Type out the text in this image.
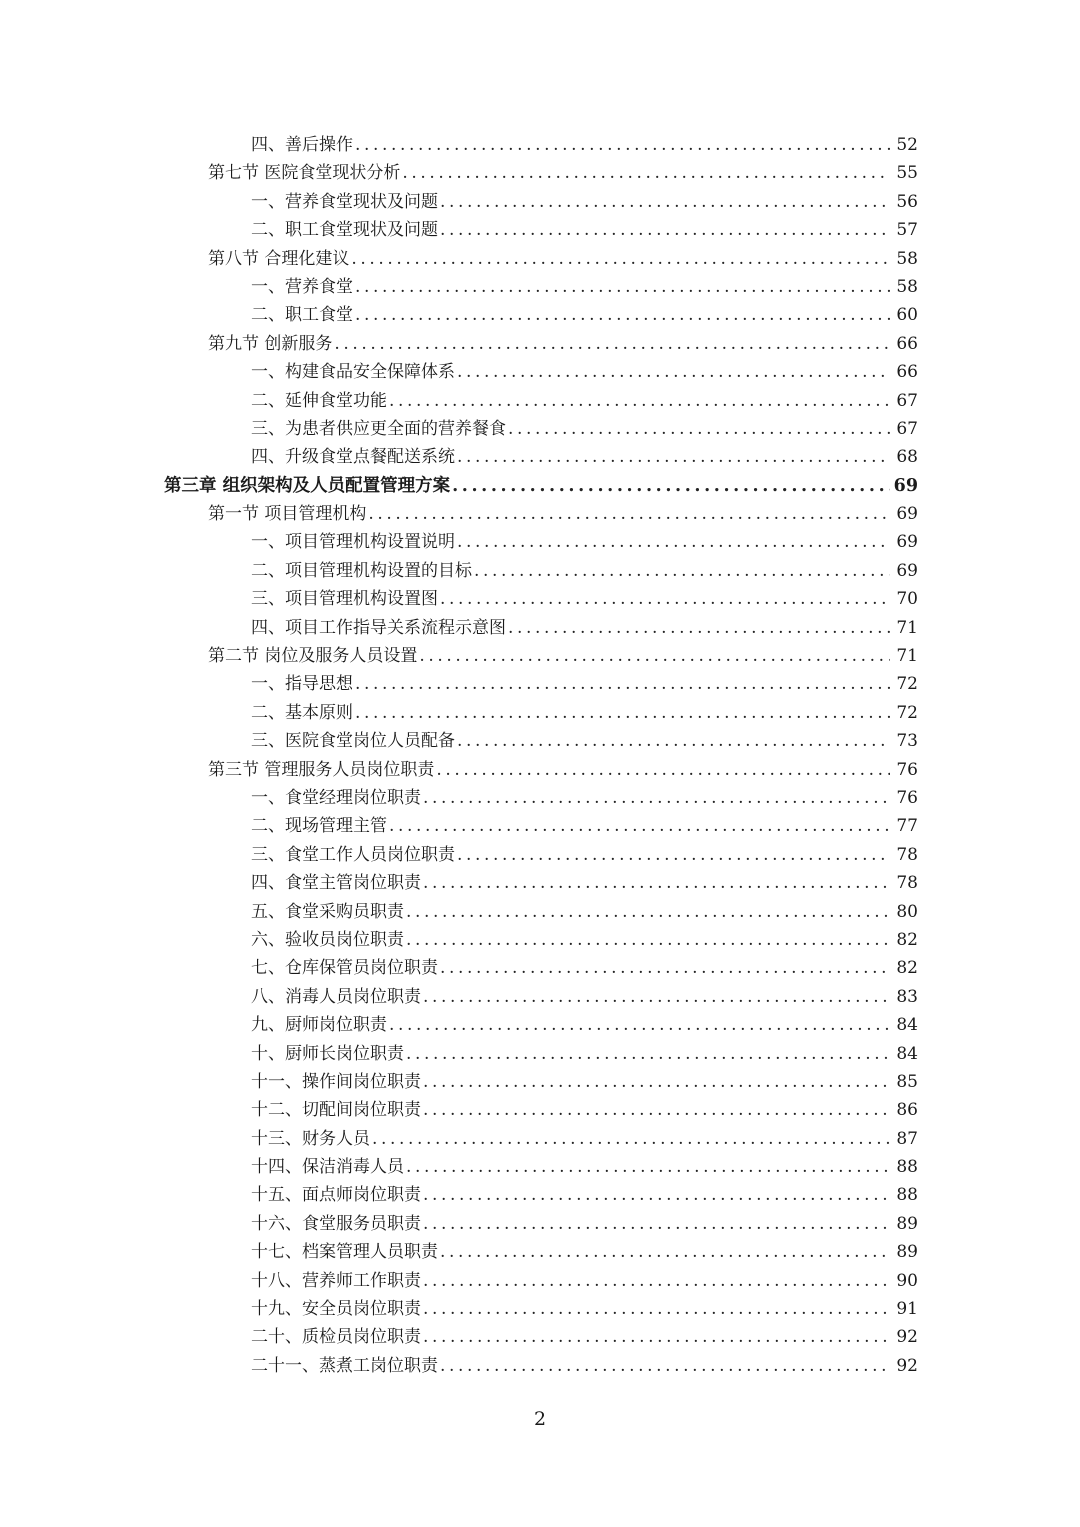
四、善后操作 .....	52
第七节 医院食堂现状分析 .....	55
一、营养食堂现状及问题 .....	56
二、职工食堂现状及问题 .....	57
第八节 合理化建议 .....	58
一、营养食堂 .....	58
二、职工食堂 .....	60
第九节 创新服务 .....	66
一、构建食品安全保障体系 .....	66
二、延伸食堂功能 .....	67
三、为患者供应更全面的营养餐食 .....	67
四、升级食堂点餐配送系统 .....	68
第三章 组织架构及人员配置管理方案 .....	69
第一节 项目管理机构 .....	69
一、项目管理机构设置说明 .....	69
二、项目管理机构设置的目标 .....	69
三、项目管理机构设置图 .....	70
四、项目工作指导关系流程示意图 .....	71
第二节 岗位及服务人员设置 .....	71
一、指导思想 .....	72
二、基本原则 .....	72
三、医院食堂岗位人员配备 .....	73
第三节 管理服务人员岗位职责 .....	76
一、食堂经理岗位职责 .....	76
二、现场管理主管 .....	77
三、食堂工作人员岗位职责 .....	78
四、食堂主管岗位职责 .....	78
五、食堂采购员职责 .....	80
六、验收员岗位职责 .....	82
七、仓库保管员岗位职责 .....	82
八、消毒人员岗位职责 .....	83
九、厨师岗位职责 .....	84
十、厨师长岗位职责 .....	84
十一、操作间岗位职责 .....	85
十二、切配间岗位职责 .....	86
十三、财务人员 .....	87
十四、保洁消毒人员 .....	88
十五、面点师岗位职责 .....	88
十六、食堂服务员职责 .....	89
十七、档案管理人员职责 .....	89
十八、营养师工作职责 .....	90
十九、安全员岗位职责 .....	91
二十、质检员岗位职责 .....	92
二十一、蒸煮工岗位职责 .....	92
2
